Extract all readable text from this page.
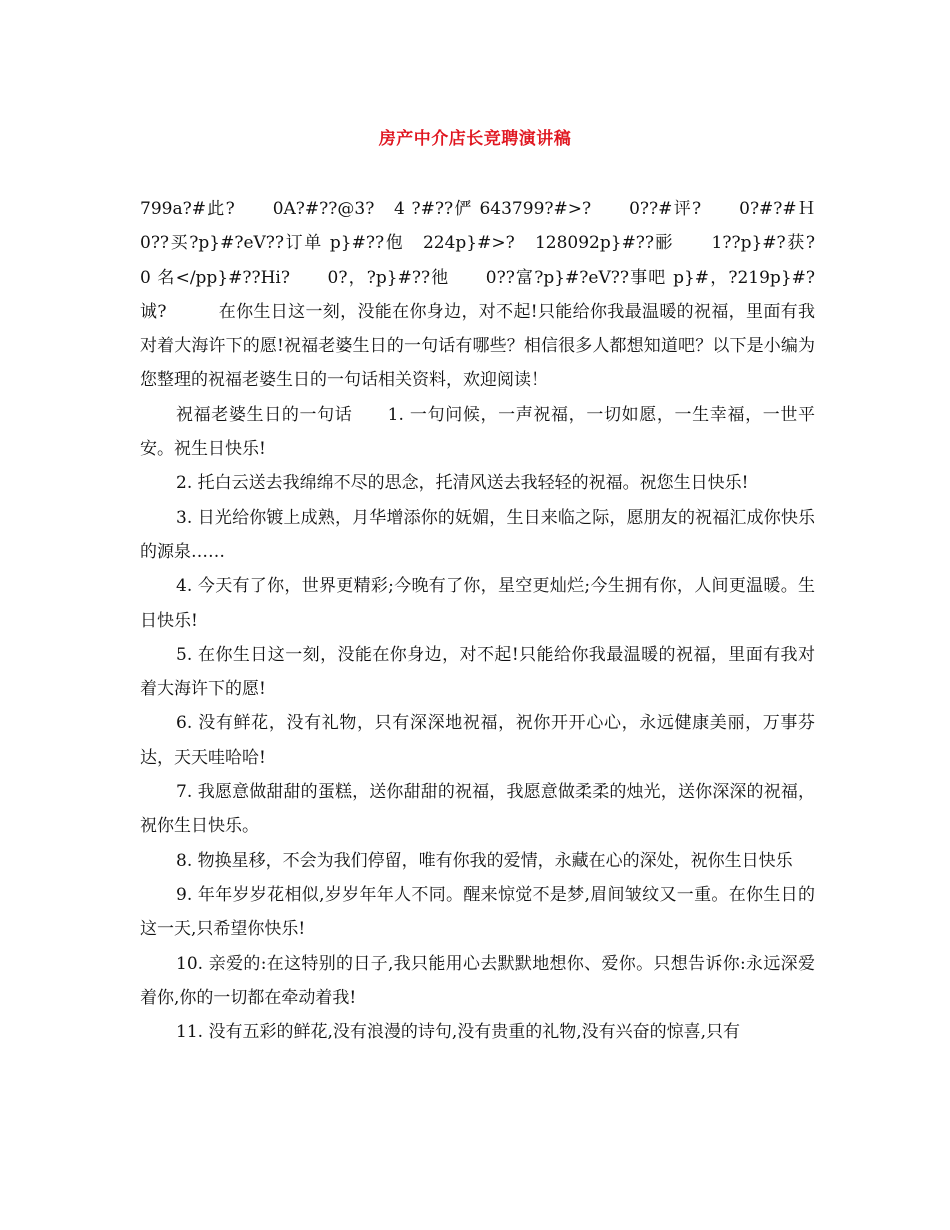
房产中介店长竞聘演讲稿

799a?#此?　　0A?#??@3?　4 ?#??俨 643799?#>?　　0??#评?　　0?#?#Ｈ　0??买?p}#?eV??订单 p}#??佨　224p}#>?　128092p}#??彨　　1??p}#?获?　　0 名</pp}#??Hi?　　0?，?p}#??彵　　0??富?p}#?eV??事吧 p}#，?219p}#?诚?　　　在你生日这一刻，没能在你身边，对不起!只能给你我最温暖的祝福，里面有我对着大海许下的愿!祝福老婆生日的一句话有哪些？相信很多人都想知道吧？以下是小编为您整理的祝福老婆生日的一句话相关资料，欢迎阅读！

祝福老婆生日的一句话　　1. 一句问候，一声祝福，一切如愿，一生幸福，一世平安。祝生日快乐!

2. 托白云送去我绵绵不尽的思念，托清风送去我轻轻的祝福。祝您生日快乐!

3. 日光给你镀上成熟，月华增添你的妩媚，生日来临之际，愿朋友的祝福汇成你快乐的源泉……

4. 今天有了你，世界更精彩;今晚有了你，星空更灿烂;今生拥有你，人间更温暖。生日快乐!

5. 在你生日这一刻，没能在你身边，对不起!只能给你我最温暖的祝福，里面有我对着大海许下的愿!

6. 没有鲜花，没有礼物，只有深深地祝福，祝你开开心心，永远健康美丽，万事芬达，天天哇哈哈!

7. 我愿意做甜甜的蛋糕，送你甜甜的祝福，我愿意做柔柔的烛光，送你深深的祝福，祝你生日快乐。

8. 物换星移，不会为我们停留，唯有你我的爱情，永藏在心的深处，祝你生日快乐

9. 年年岁岁花相似,岁岁年年人不同。醒来惊觉不是梦,眉间皱纹又一重。在你生日的这一天,只希望你快乐!

10. 亲爱的:在这特别的日子,我只能用心去默默地想你、爱你。只想告诉你:永远深爱着你,你的一切都在牵动着我!

11. 没有五彩的鲜花,没有浪漫的诗句,没有贵重的礼物,没有兴奋的惊喜,只有
